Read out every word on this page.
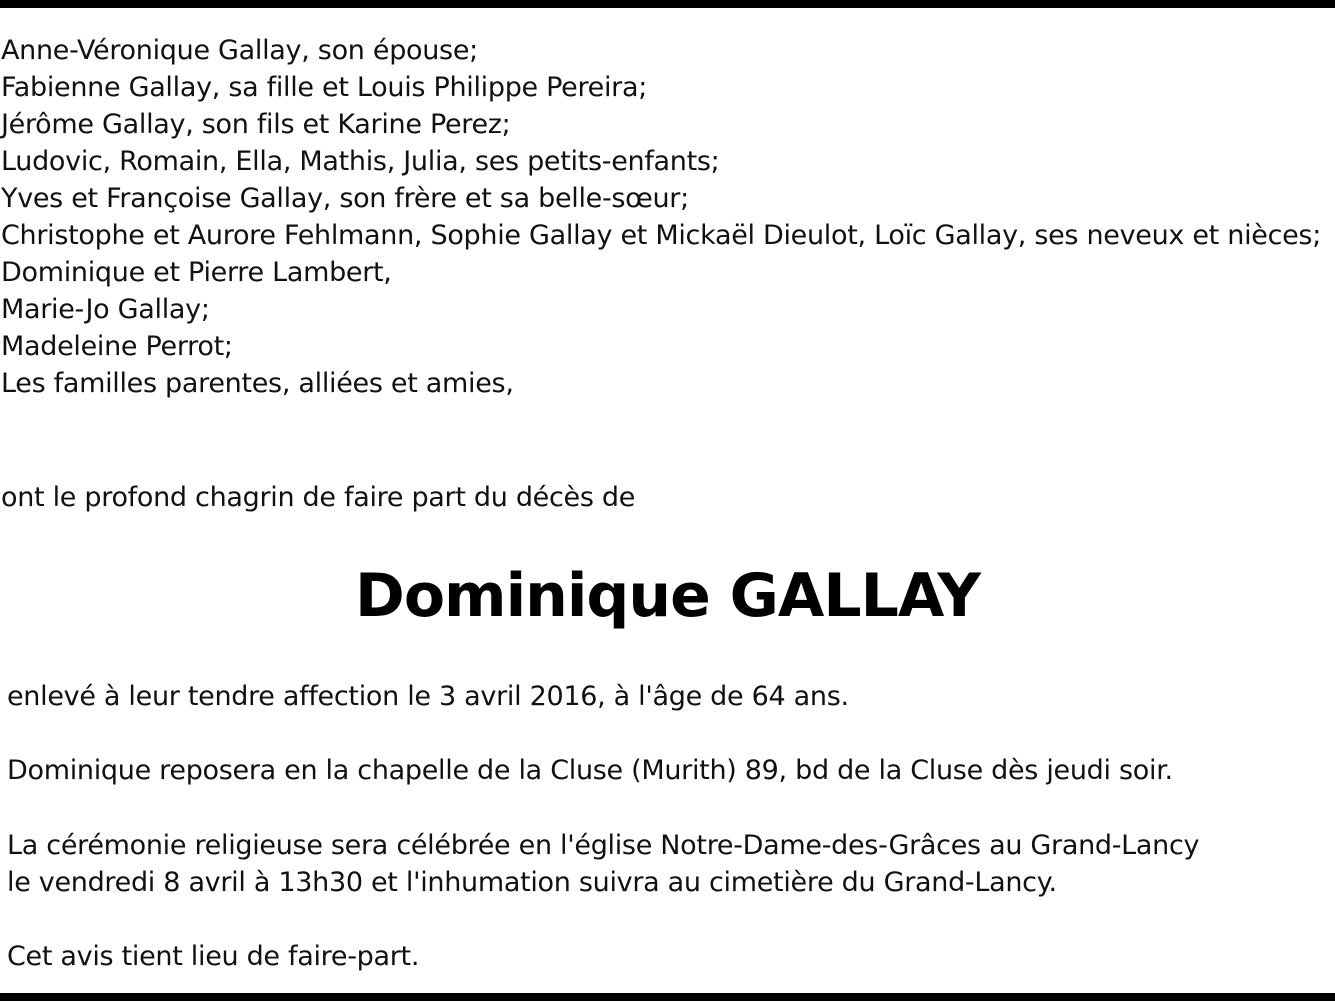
Anne-Véronique Gallay, son épouse;
Fabienne Gallay, sa fille et Louis Philippe Pereira;
Jérôme Gallay, son fils et Karine Perez;
Ludovic, Romain, Ella, Mathis, Julia, ses petits-enfants;
Yves et Françoise Gallay, son frère et sa belle-sœur;
Christophe et Aurore Fehlmann, Sophie Gallay et Mickaël Dieulot, Loïc Gallay, ses neveux et nièces;
Dominique et Pierre Lambert,
Marie-Jo Gallay;
Madeleine Perrot;
Les familles parentes, alliées et amies,
ont le profond chagrin de faire part du décès de
Dominique GALLAY

enlevé à leur tendre affection le 3 avril 2016, à l'âge de 64 ans.

Dominique reposera en la chapelle de la Cluse (Murith) 89, bd de la Cluse dès jeudi soir.

La cérémonie religieuse sera célébrée en l'église Notre-Dame-des-Grâces au Grand-Lancy
le vendredi 8 avril à 13h30 et l'inhumation suivra au cimetière du Grand-Lancy.

Cet avis tient lieu de faire-part.
